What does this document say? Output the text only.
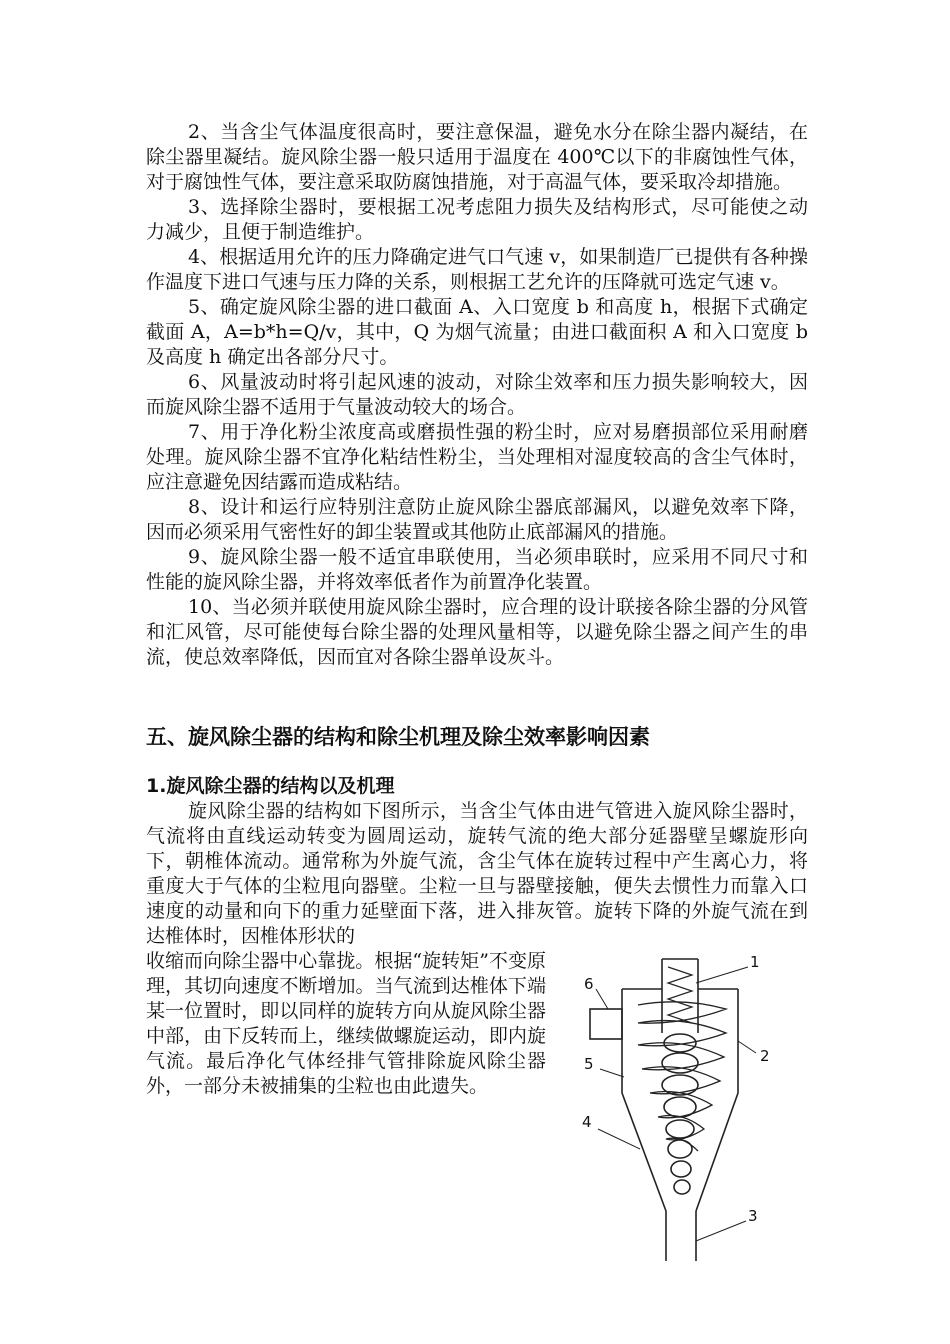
2、当含尘气体温度很高时，要注意保温，避免水分在除尘器内凝结，在除尘器里凝结。旋风除尘器一般只适用于温度在 400℃以下的非腐蚀性气体，对于腐蚀性气体，要注意采取防腐蚀措施，对于高温气体，要采取冷却措施。

3、选择除尘器时，要根据工况考虑阻力损失及结构形式，尽可能使之动力减少，且便于制造维护。

4、根据适用允许的压力降确定进气口气速 v，如果制造厂已提供有各种操作温度下进口气速与压力降的关系，则根据工艺允许的压降就可选定气速 v。

5、确定旋风除尘器的进口截面 A、入口宽度 b 和高度 h，根据下式确定截面 A，A=b*h=Q/v，其中，Q 为烟气流量；由进口截面积 A 和入口宽度 b 及高度 h 确定出各部分尺寸。

6、风量波动时将引起风速的波动，对除尘效率和压力损失影响较大，因而旋风除尘器不适用于气量波动较大的场合。

7、用于净化粉尘浓度高或磨损性强的粉尘时，应对易磨损部位采用耐磨处理。旋风除尘器不宜净化粘结性粉尘，当处理相对湿度较高的含尘气体时，应注意避免因结露而造成粘结。

8、设计和运行应特别注意防止旋风除尘器底部漏风，以避免效率下降，因而必须采用气密性好的卸尘装置或其他防止底部漏风的措施。

9、旋风除尘器一般不适宜串联使用，当必须串联时，应采用不同尺寸和性能的旋风除尘器，并将效率低者作为前置净化装置。

10、当必须并联使用旋风除尘器时，应合理的设计联接各除尘器的分风管和汇风管，尽可能使每台除尘器的处理风量相等，以避免除尘器之间产生的串流，使总效率降低，因而宜对各除尘器单设灰斗。

五、旋风除尘器的结构和除尘机理及除尘效率影响因素
1.旋风除尘器的结构以及机理

旋风除尘器的结构如下图所示，当含尘气体由进气管进入旋风除尘器时，气流将由直线运动转变为圆周运动，旋转气流的绝大部分延器壁呈螺旋形向下，朝椎体流动。通常称为外旋气流，含尘气体在旋转过程中产生离心力，将重度大于气体的尘粒甩向器壁。尘粒一旦与器壁接触，便失去惯性力而靠入口速度的动量和向下的重力延壁面下落，进入排灰管。旋转下降的外旋气流在到达椎体时，因椎体形状的

收缩而向除尘器中心靠拢。根据“旋转矩”不变原理，其切向速度不断增加。当气流到达椎体下端某一位置时，即以同样的旋转方向从旋风除尘器中部，由下反转而上，继续做螺旋运动，即内旋气流。最后净化气体经排气管排除旋风除尘器外，一部分未被捕集的尘粒也由此遗失。

1
2
3
4
5
6
